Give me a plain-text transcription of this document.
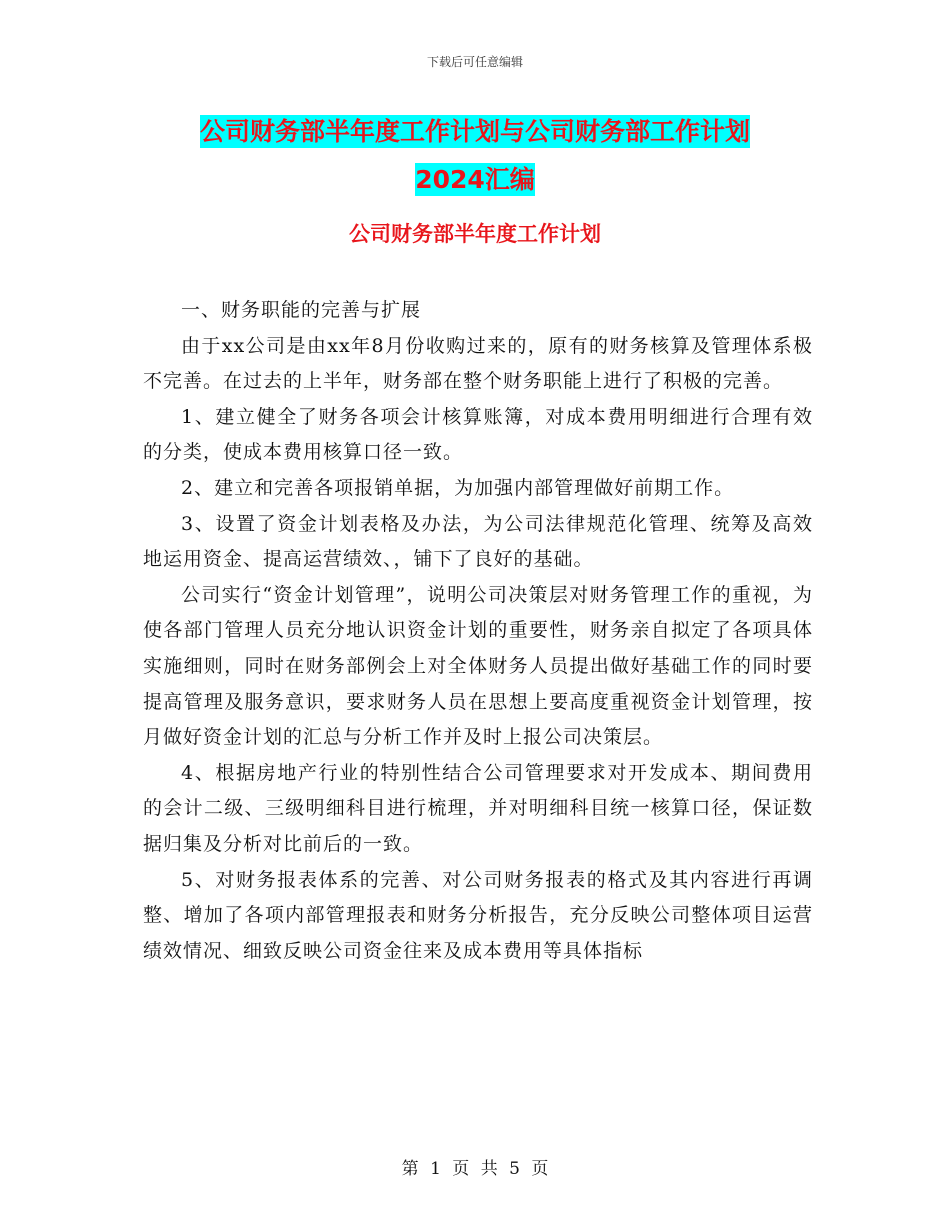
下载后可任意编辑
公司财务部半年度工作计划与公司财务部工作计划
2024汇编
公司财务部半年度工作计划

一、财务职能的完善与扩展

由于xx公司是由xx年8月份收购过来的，原有的财务核算及管理体系极不完善。在过去的上半年，财务部在整个财务职能上进行了积极的完善。

1、建立健全了财务各项会计核算账簿，对成本费用明细进行合理有效的分类，使成本费用核算口径一致。

2、建立和完善各项报销单据，为加强内部管理做好前期工作。

3、设置了资金计划表格及办法，为公司法律规范化管理、统筹及高效地运用资金、提高运营绩效、，铺下了良好的基础。

公司实行“资金计划管理”，说明公司决策层对财务管理工作的重视，为使各部门管理人员充分地认识资金计划的重要性，财务亲自拟定了各项具体实施细则，同时在财务部例会上对全体财务人员提出做好基础工作的同时要提高管理及服务意识，要求财务人员在思想上要高度重视资金计划管理，按月做好资金计划的汇总与分析工作并及时上报公司决策层。

4、根据房地产行业的特别性结合公司管理要求对开发成本、期间费用的会计二级、三级明细科目进行梳理，并对明细科目统一核算口径，保证数据归集及分析对比前后的一致。

5、对财务报表体系的完善、对公司财务报表的格式及其内容进行再调整、增加了各项内部管理报表和财务分析报告，充分反映公司整体项目运营绩效情况、细致反映公司资金往来及成本费用等具体指标

第 1 页 共 5 页
